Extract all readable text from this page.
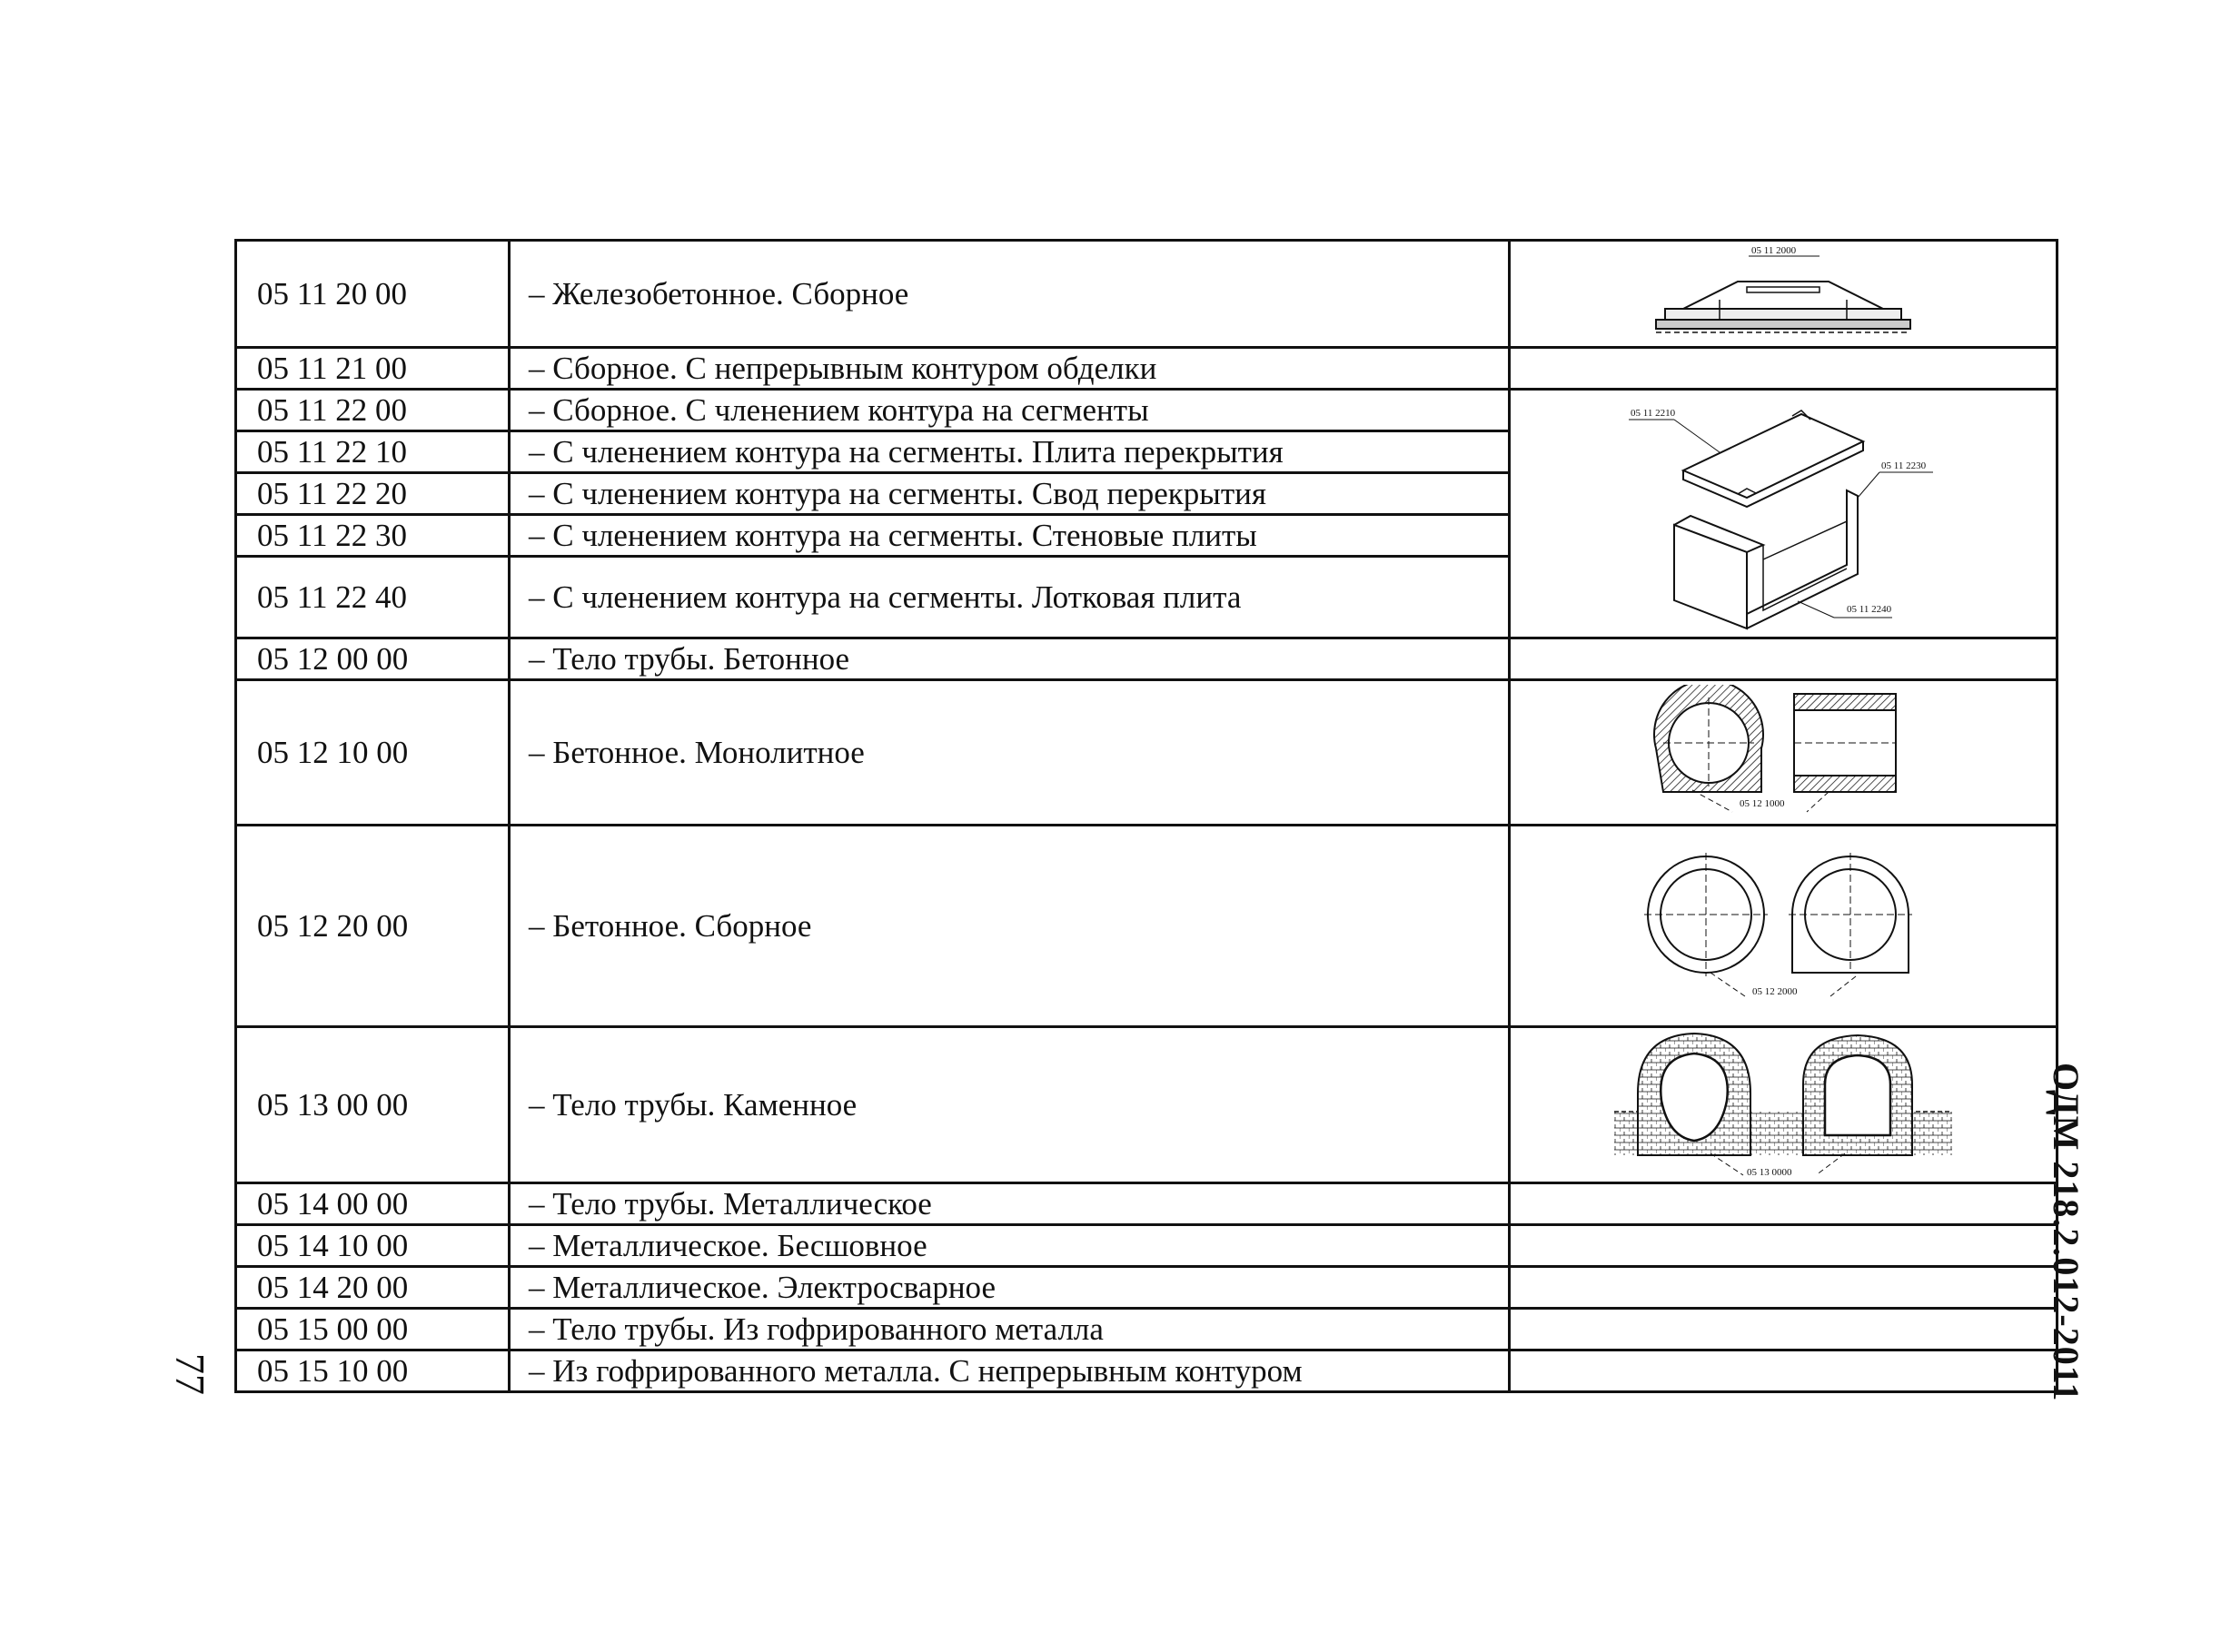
05 11 20 00	– Железобетонное. Сборное	05 11 2000

05 11 21 00	– Сборное. С непрерывным контуром обделки	
05 11 22 00	– Сборное. С членением контура на сегменты	05 11 2210
05 11 2230
05 11 2240

05 11 22 10	– С членением контура на сегменты. Плита перекрытия	
05 11 22 20	– С членением контура на сегменты. Свод перекрытия	
05 11 22 30	– С членением контура на сегменты. Стеновые плиты	
05 11 22 40	– С членением контура на сегменты. Лотковая плита	
05 12 00 00	– Тело трубы. Бетонное	
05 12 10 00	– Бетонное. Монолитное	05 12 1000

05 12 20 00	– Бетонное. Сборное	05 12 2000

05 13 00 00	– Тело трубы. Каменное	05 13 0000

05 14 00 00	– Тело трубы. Металлическое	
05 14 10 00	– Металлическое. Бесшовное	
05 14 20 00	– Металлическое. Электросварное	
05 15 00 00	– Тело трубы. Из гофрированного металла	
05 15 10 00	– Из гофрированного металла. С непрерывным контуром		ОДМ 218.2.012-2011
77
